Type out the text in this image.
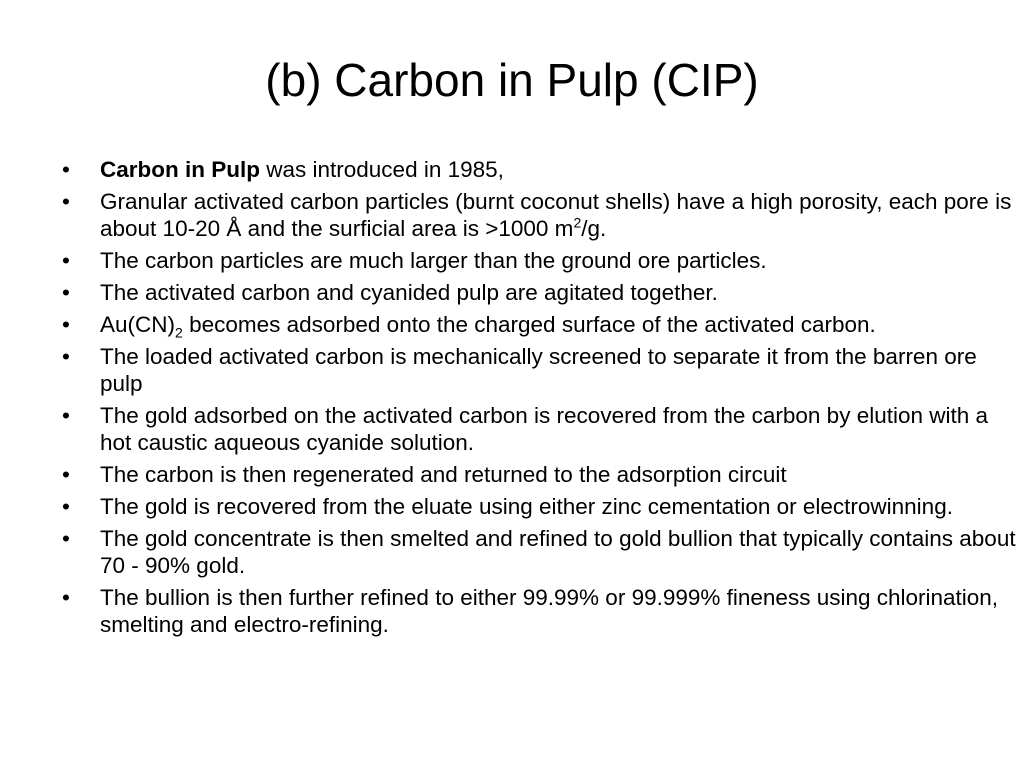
(b) Carbon in Pulp (CIP)
• Carbon in Pulp was introduced in 1985,
• Granular activated carbon particles (burnt coconut shells) have a high porosity, each pore is about 10-20 Å and the surficial area is >1000 $m^2/g$.
• The carbon particles are much larger than the ground ore particles.
• The activated carbon and cyanided pulp are agitated together.
• $Au(CN)_2$ becomes adsorbed onto the charged surface of the activated carbon.
• The loaded activated carbon is mechanically screened to separate it from the barren ore pulp
• The gold adsorbed on the activated carbon is recovered from the carbon by elution with a hot caustic aqueous cyanide solution.
• The carbon is then regenerated and returned to the adsorption circuit
• The gold is recovered from the eluate using either zinc cementation or electrowinning.
• The gold concentrate is then smelted and refined to gold bullion that typically contains about 70 - 90% gold.
• The bullion is then further refined to either 99.99% or 99.999% fineness using chlorination, smelting and electro-refining.
